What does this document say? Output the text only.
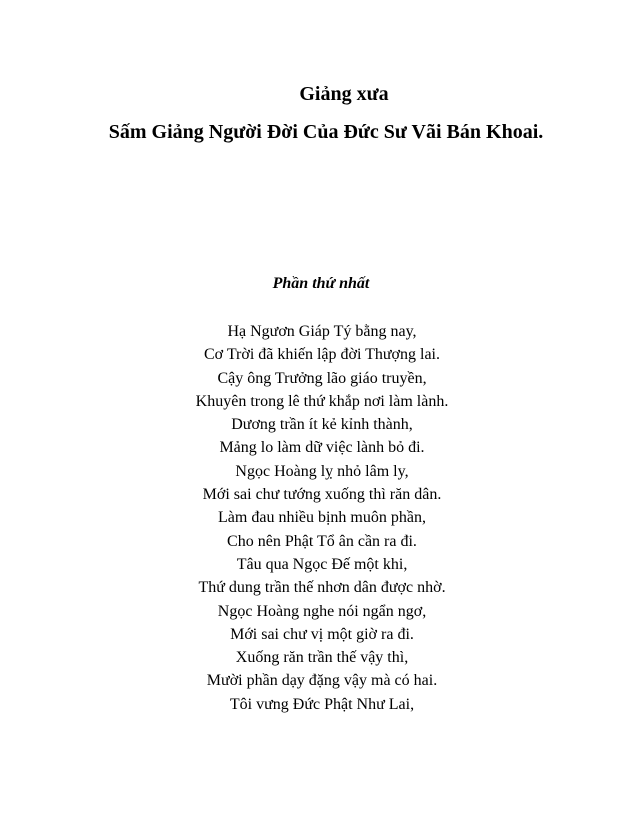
Giảng xưa
Sấm Giảng Người Đời Của Đức Sư Vãi Bán Khoai.
Phần thứ nhất
Hạ Ngươn Giáp Tý bằng nay,
Cơ Trời đã khiến lập đời Thượng lai.
Cậy ông Trưởng lão giáo truyền,
Khuyên trong lê thứ khắp nơi làm lành.
Dương trần ít kẻ kỉnh thành,
Mảng lo làm dữ việc lành bỏ đi.
Ngọc Hoàng lỵ nhỏ lâm ly,
Mới sai chư tướng xuống thì răn dân.
Làm đau nhiều bịnh muôn phần,
Cho nên Phật Tổ ân cần ra đi.
Tâu qua Ngọc Đế một khi,
Thứ dung trần thế nhơn dân được nhờ.
Ngọc Hoàng nghe nói ngẩn ngơ,
Mới sai chư vị một giờ ra đi.
Xuống răn trần thế vậy thì,
Mười phần dạy đặng vậy mà có hai.
Tôi vưng Đức Phật Như Lai,
